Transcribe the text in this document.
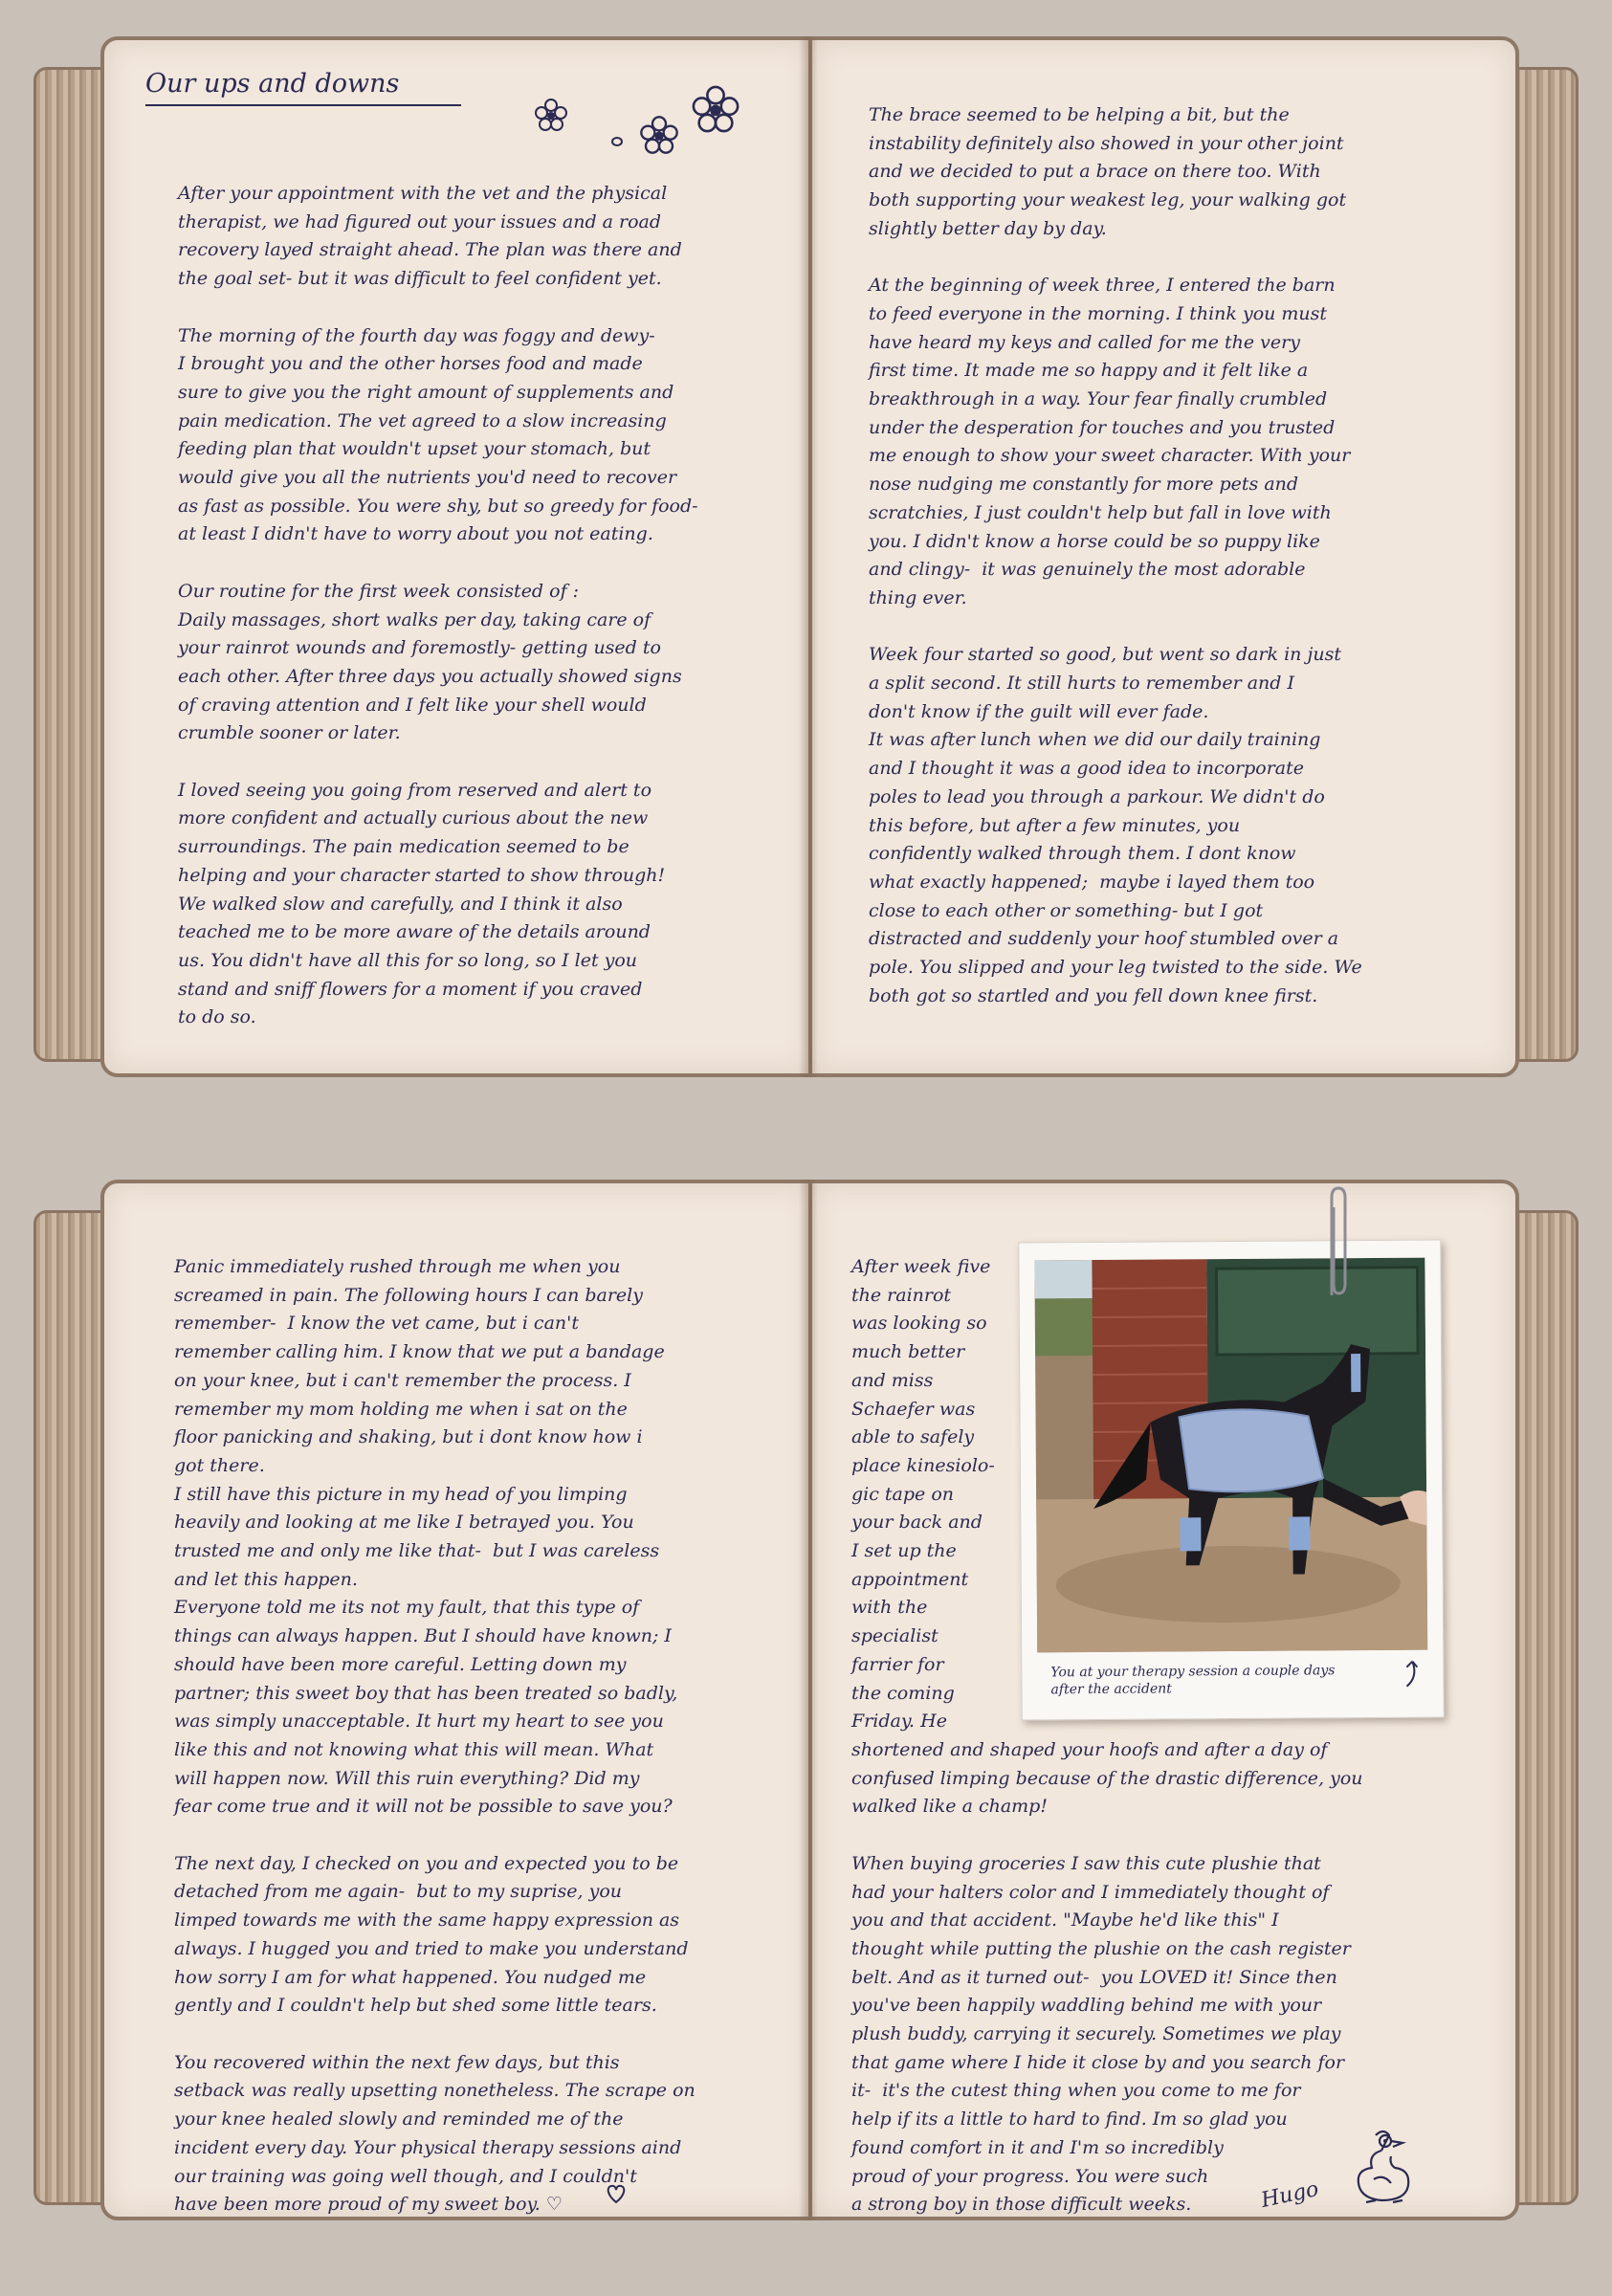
Our ups and downs
After your appointment with the vet and the physical
therapist, we had figured out your issues and a road
recovery layed straight ahead. The plan was there and
the goal set- but it was difficult to feel confident yet.

The morning of the fourth day was foggy and dewy-
I brought you and the other horses food and made
sure to give you the right amount of supplements and
pain medication. The vet agreed to a slow increasing
feeding plan that wouldn't upset your stomach, but
would give you all the nutrients you'd need to recover
as fast as possible. You were shy, but so greedy for food-
at least I didn't have to worry about you not eating.

Our routine for the first week consisted of :
Daily massages, short walks per day, taking care of
your rainrot wounds and foremostly- getting used to
each other. After three days you actually showed signs
of craving attention and I felt like your shell would
crumble sooner or later.

I loved seeing you going from reserved and alert to
more confident and actually curious about the new
surroundings. The pain medication seemed to be
helping and your character started to show through!
We walked slow and carefully, and I think it also
teached me to be more aware of the details around
us. You didn't have all this for so long, so I let you
stand and sniff flowers for a moment if you craved
to do so.
The brace seemed to be helping a bit, but the
instability definitely also showed in your other joint
and we decided to put a brace on there too. With
both supporting your weakest leg, your walking got
slightly better day by day.

At the beginning of week three, I entered the barn
to feed everyone in the morning. I think you must
have heard my keys and called for me the very
first time. It made me so happy and it felt like a
breakthrough in a way. Your fear finally crumbled
under the desperation for touches and you trusted
me enough to show your sweet character. With your
nose nudging me constantly for more pets and
scratchies, I just couldn't help but fall in love with
you. I didn't know a horse could be so puppy like
and clingy-  it was genuinely the most adorable
thing ever.

Week four started so good, but went so dark in just
a split second. It still hurts to remember and I
don't know if the guilt will ever fade.
It was after lunch when we did our daily training
and I thought it was a good idea to incorporate
poles to lead you through a parkour. We didn't do
this before, but after a few minutes, you
confidently walked through them. I dont know
what exactly happened;  maybe i layed them too
close to each other or something- but I got
distracted and suddenly your hoof stumbled over a
pole. You slipped and your leg twisted to the side. We
both got so startled and you fell down knee first.
Panic immediately rushed through me when you
screamed in pain. The following hours I can barely
remember-  I know the vet came, but i can't
remember calling him. I know that we put a bandage
on your knee, but i can't remember the process. I
remember my mom holding me when i sat on the
floor panicking and shaking, but i dont know how i
got there.
I still have this picture in my head of you limping
heavily and looking at me like I betrayed you. You
trusted me and only me like that-  but I was careless
and let this happen.
Everyone told me its not my fault, that this type of
things can always happen. But I should have known; I
should have been more careful. Letting down my
partner; this sweet boy that has been treated so badly,
was simply unacceptable. It hurt my heart to see you
like this and not knowing what this will mean. What
will happen now. Will this ruin everything? Did my
fear come true and it will not be possible to save you?

The next day, I checked on you and expected you to be
detached from me again-  but to my suprise, you
limped towards me with the same happy expression as
always. I hugged you and tried to make you understand
how sorry I am for what happened. You nudged me
gently and I couldn't help but shed some little tears.

You recovered within the next few days, but this
setback was really upsetting nonetheless. The scrape on
your knee healed slowly and reminded me of the
incident every day. Your physical therapy sessions aind
our training was going well though, and I couldn't
have been more proud of my sweet boy. ♡
After week five
the rainrot
was looking so
much better
and miss
Schaefer was
able to safely
place kinesiolo-
gic tape on
your back and
I set up the
appointment
with the
specialist
farrier for
the coming
Friday. He
shortened and shaped your hoofs and after a day of
confused limping because of the drastic difference, you
walked like a champ!

When buying groceries I saw this cute plushie that
had your halters color and I immediately thought of
you and that accident. "Maybe he'd like this" I
thought while putting the plushie on the cash register
belt. And as it turned out-  you LOVED it! Since then
you've been happily waddling behind me with your
plush buddy, carrying it securely. Sometimes we play
that game where I hide it close by and you search for
it-  it's the cutest thing when you come to me for
help if its a little to hard to find. Im so glad you
found comfort in it and I'm so incredibly
proud of your progress. You were such
a strong boy in those difficult weeks.
You at your therapy session a couple days
after the accident
Hugo
